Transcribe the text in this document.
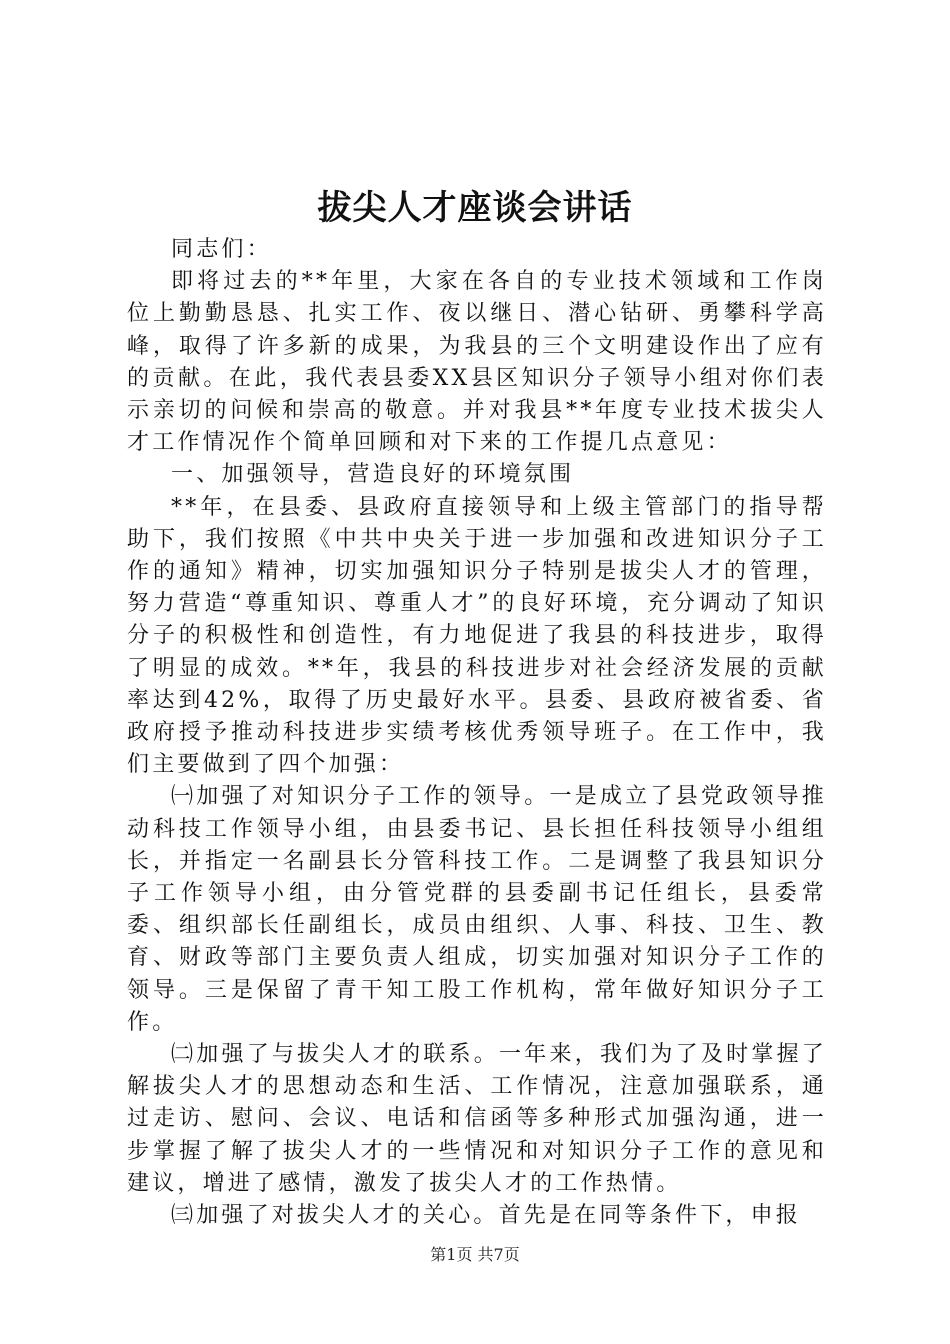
拔尖人才座谈会讲话

同志们：

即将过去的**年里，大家在各自的专业技术领域和工作岗位上勤勤恳恳、扎实工作、夜以继日、潜心钻研、勇攀科学高峰，取得了许多新的成果，为我县的三个文明建设作出了应有的贡献。在此，我代表县委XX县区知识分子领导小组对你们表示亲切的问候和崇高的敬意。并对我县**年度专业技术拔尖人才工作情况作个简单回顾和对下来的工作提几点意见：

一、加强领导，营造良好的环境氛围

**年，在县委、县政府直接领导和上级主管部门的指导帮助下，我们按照《中共中央关于进一步加强和改进知识分子工作的通知》精神，切实加强知识分子特别是拔尖人才的管理，努力营造“尊重知识、尊重人才”的良好环境，充分调动了知识分子的积极性和创造性，有力地促进了我县的科技进步，取得了明显的成效。**年，我县的科技进步对社会经济发展的贡献率达到42%，取得了历史最好水平。县委、县政府被省委、省政府授予推动科技进步实绩考核优秀领导班子。在工作中，我们主要做到了四个加强：

㈠加强了对知识分子工作的领导。一是成立了县党政领导推动科技工作领导小组，由县委书记、县长担任科技领导小组组长，并指定一名副县长分管科技工作。二是调整了我县知识分子工作领导小组，由分管党群的县委副书记任组长，县委常委、组织部长任副组长，成员由组织、人事、科技、卫生、教育、财政等部门主要负责人组成，切实加强对知识分子工作的领导。三是保留了青干知工股工作机构，常年做好知识分子工作。

㈡加强了与拔尖人才的联系。一年来，我们为了及时掌握了解拔尖人才的思想动态和生活、工作情况，注意加强联系，通过走访、慰问、会议、电话和信函等多种形式加强沟通，进一步掌握了解了拔尖人才的一些情况和对知识分子工作的意见和建议，增进了感情，激发了拔尖人才的工作热情。

㈢加强了对拔尖人才的关心。首先是在同等条件下，申报

第1页 共7页
